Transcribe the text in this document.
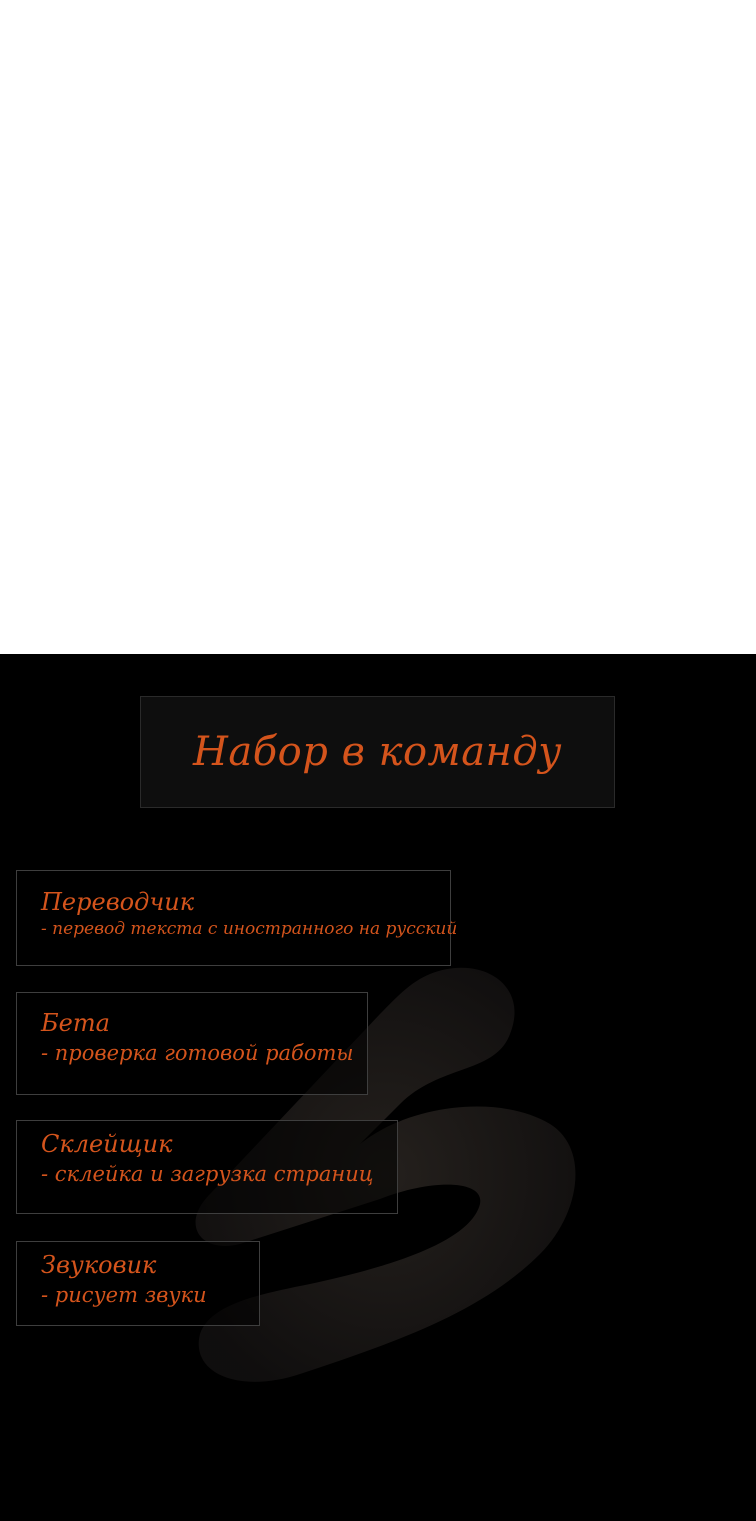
Набор в команду
Переводчик
- перевод текста с иностранного на русский
Бета
- проверка готовой работы
Склейщик
- склейка и загрузка страниц
Звуковик
- рисует звуки
